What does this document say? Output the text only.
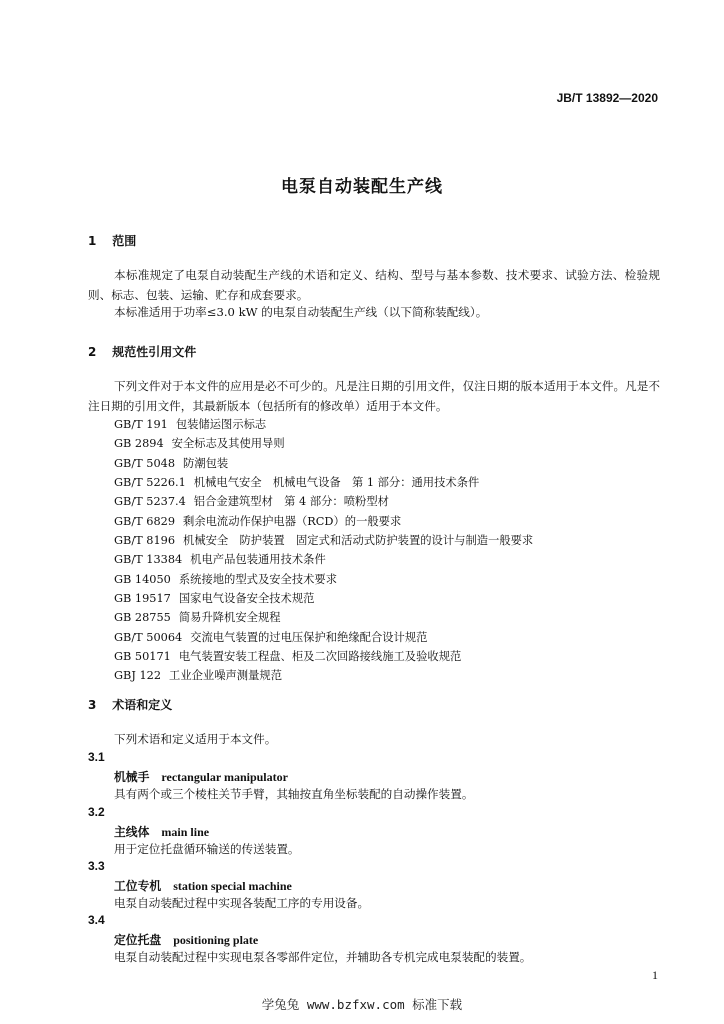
JB/T 13892—2020
电泵自动装配生产线
1 范围
本标准规定了电泵自动装配生产线的术语和定义、结构、型号与基本参数、技术要求、试验方法、检验规则、标志、包装、运输、贮存和成套要求。
本标准适用于功率≤3.0 kW 的电泵自动装配生产线（以下简称装配线）。
2 规范性引用文件
下列文件对于本文件的应用是必不可少的。凡是注日期的引用文件，仅注日期的版本适用于本文件。凡是不注日期的引用文件，其最新版本（包括所有的修改单）适用于本文件。
GB/T 191 包装储运图示标志
GB 2894 安全标志及其使用导则
GB/T 5048 防潮包装
GB/T 5226.1 机械电气安全　机械电气设备　第 1 部分：通用技术条件
GB/T 5237.4 铝合金建筑型材　第 4 部分：喷粉型材
GB/T 6829 剩余电流动作保护电器（RCD）的一般要求
GB/T 8196 机械安全　防护装置　固定式和活动式防护装置的设计与制造一般要求
GB/T 13384 机电产品包装通用技术条件
GB 14050 系统接地的型式及安全技术要求
GB 19517 国家电气设备安全技术规范
GB 28755 简易升降机安全规程
GB/T 50064 交流电气装置的过电压保护和绝缘配合设计规范
GB 50171 电气装置安装工程盘、柜及二次回路接线施工及验收规范
GBJ 122 工业企业噪声测量规范
3 术语和定义
下列术语和定义适用于本文件。
3.1
机械手 rectangular manipulator
具有两个或三个棱柱关节手臂，其轴按直角坐标装配的自动操作装置。
3.2
主线体 main line
用于定位托盘循环输送的传送装置。
3.3
工位专机 station special machine
电泵自动装配过程中实现各装配工序的专用设备。
3.4
定位托盘 positioning plate
电泵自动装配过程中实现电泵各零部件定位，并辅助各专机完成电泵装配的装置。
1
学兔兔 www.bzfxw.com 标准下载
